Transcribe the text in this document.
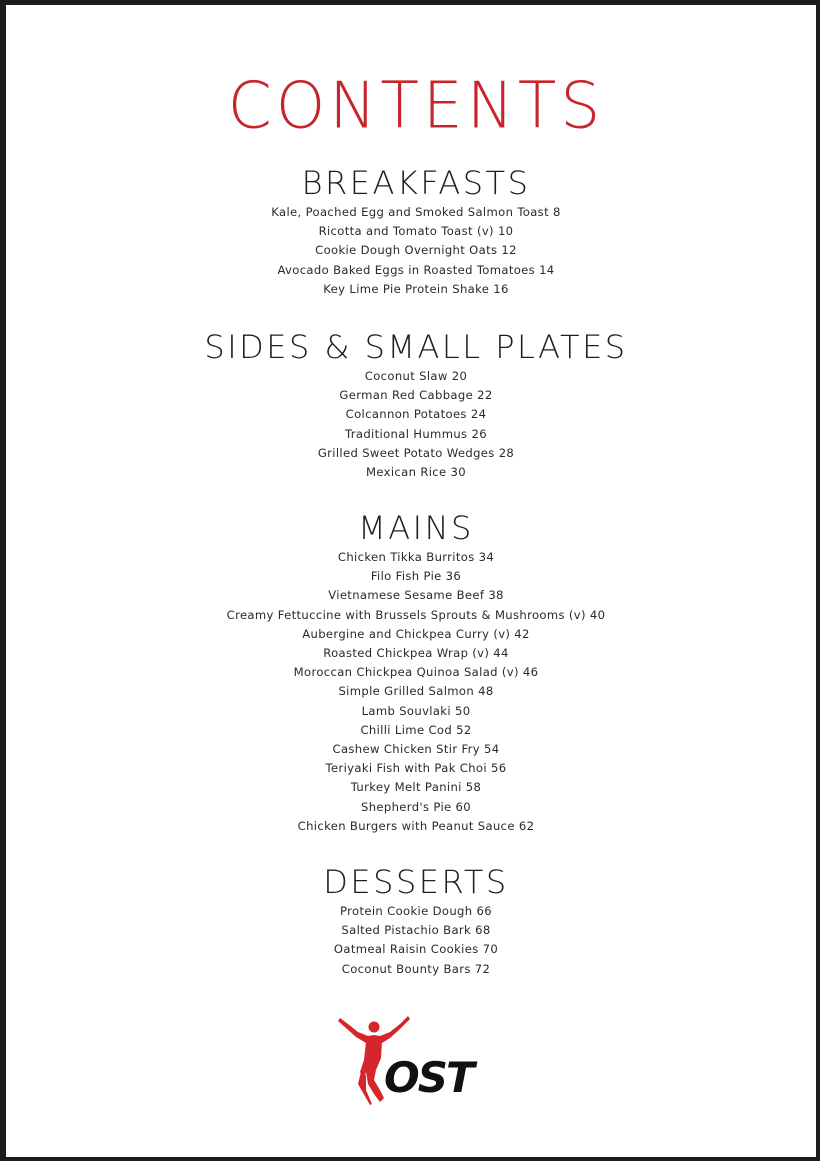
CONTENTS
BREAKFASTS
Kale, Poached Egg and Smoked Salmon Toast 8
Ricotta and Tomato Toast (v) 10
Cookie Dough Overnight Oats 12
Avocado Baked Eggs in Roasted Tomatoes 14
Key Lime Pie Protein Shake 16
SIDES & SMALL PLATES
Coconut Slaw 20
German Red Cabbage 22
Colcannon Potatoes 24
Traditional Hummus 26
Grilled Sweet Potato Wedges 28
Mexican Rice 30
MAINS
Chicken Tikka Burritos 34
Filo Fish Pie 36
Vietnamese Sesame Beef 38
Creamy Fettuccine with Brussels Sprouts & Mushrooms (v) 40
Aubergine and Chickpea Curry (v) 42
Roasted Chickpea Wrap (v) 44
Moroccan Chickpea Quinoa Salad (v) 46
Simple Grilled Salmon 48
Lamb Souvlaki 50
Chilli Lime Cod 52
Cashew Chicken Stir Fry 54
Teriyaki Fish with Pak Choi 56
Turkey Melt Panini 58
Shepherd's Pie 60
Chicken Burgers with Peanut Sauce 62
DESSERTS
Protein Cookie Dough 66
Salted Pistachio Bark 68
Oatmeal Raisin Cookies 70
Coconut Bounty Bars 72
OST
